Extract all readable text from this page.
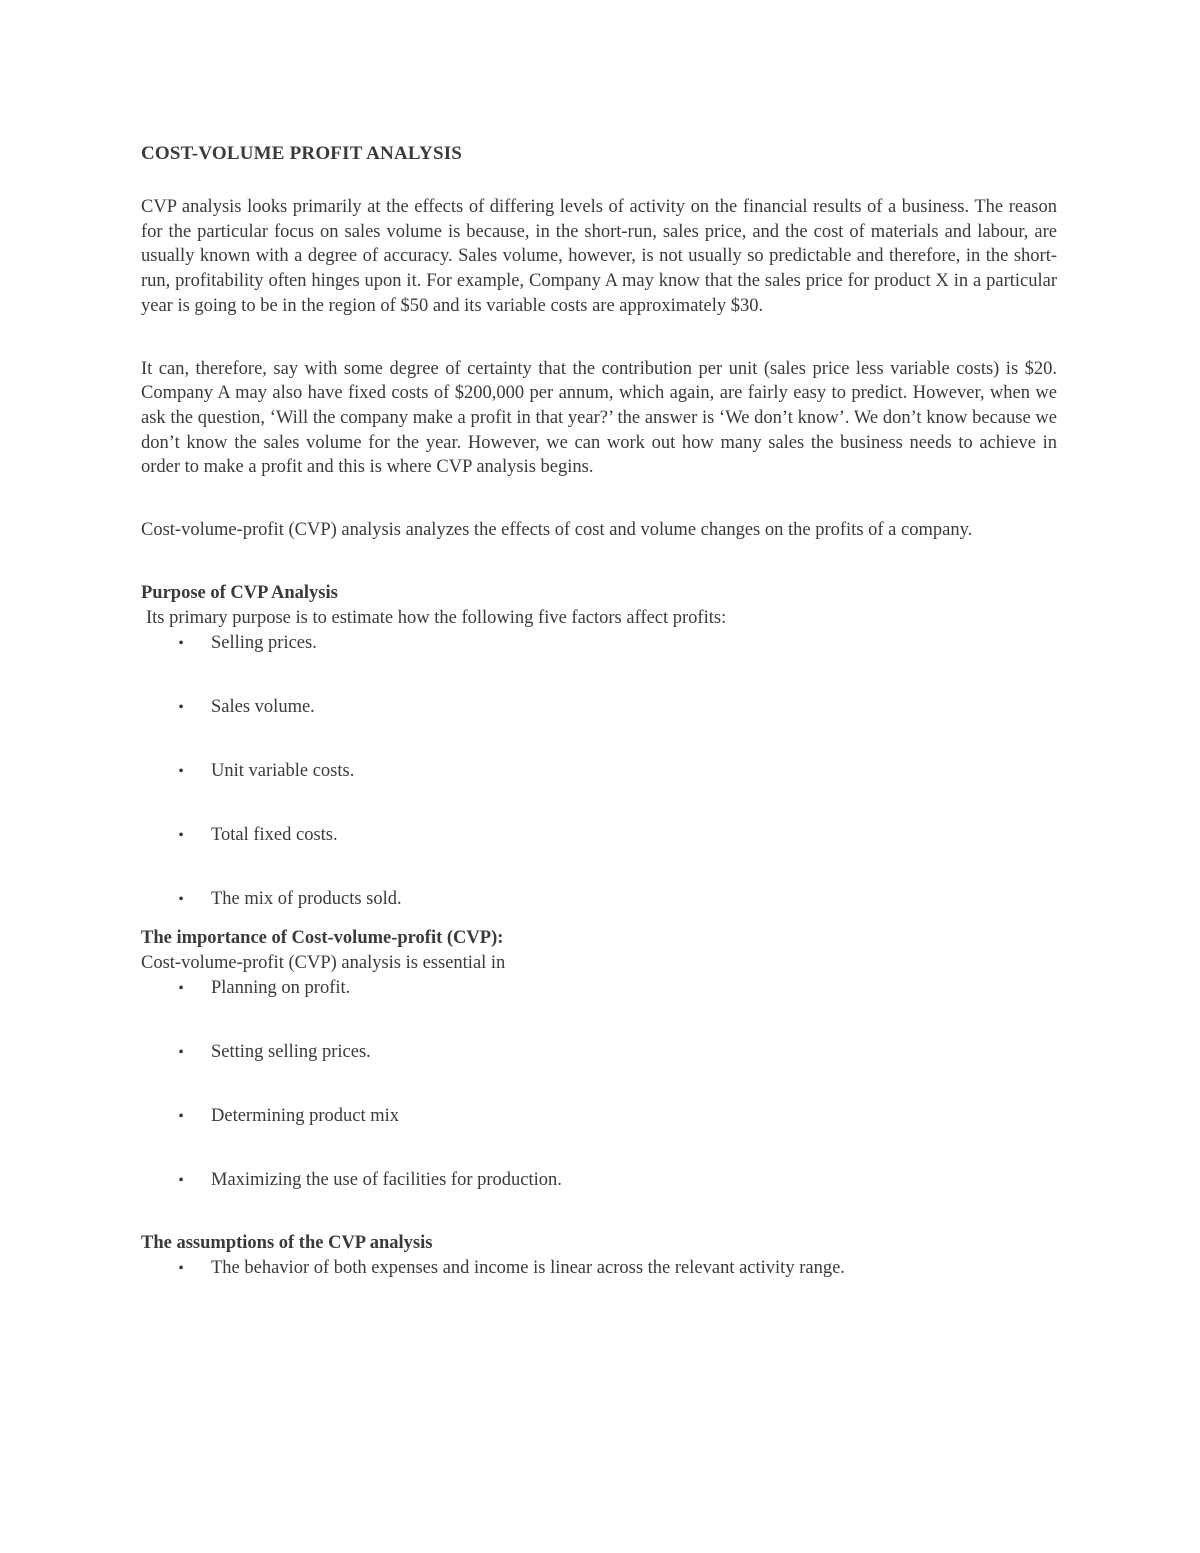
COST-VOLUME PROFIT ANALYSIS

CVP analysis looks primarily at the effects of differing levels of activity on the financial results of a business. The reason for the particular focus on sales volume is because, in the short-run, sales price, and the cost of materials and labour, are usually known with a degree of accuracy. Sales volume, however, is not usually so predictable and therefore, in the short-run, profitability often hinges upon it. For example, Company A may know that the sales price for product X in a particular year is going to be in the region of $50 and its variable costs are approximately $30.

It can, therefore, say with some degree of certainty that the contribution per unit (sales price less variable costs) is $20. Company A may also have fixed costs of $200,000 per annum, which again, are fairly easy to predict. However, when we ask the question, ‘Will the company make a profit in that year?’ the answer is ‘We don’t know’. We don’t know because we don’t know the sales volume for the year. However, we can work out how many sales the business needs to achieve in order to make a profit and this is where CVP analysis begins.

Cost-volume-profit (CVP) analysis analyzes the effects of cost and volume changes on the profits of a company.

Purpose of CVP Analysis

Its primary purpose is to estimate how the following five factors affect profits:

• Selling prices.
• Sales volume.
• Unit variable costs.
• Total fixed costs.
• The mix of products sold.
The importance of Cost-volume-profit (CVP):

Cost-volume-profit (CVP) analysis is essential in

• Planning on profit.
• Setting selling prices.
• Determining product mix
• Maximizing the use of facilities for production.
The assumptions of the CVP analysis
• The behavior of both expenses and income is linear across the relevant activity range.
